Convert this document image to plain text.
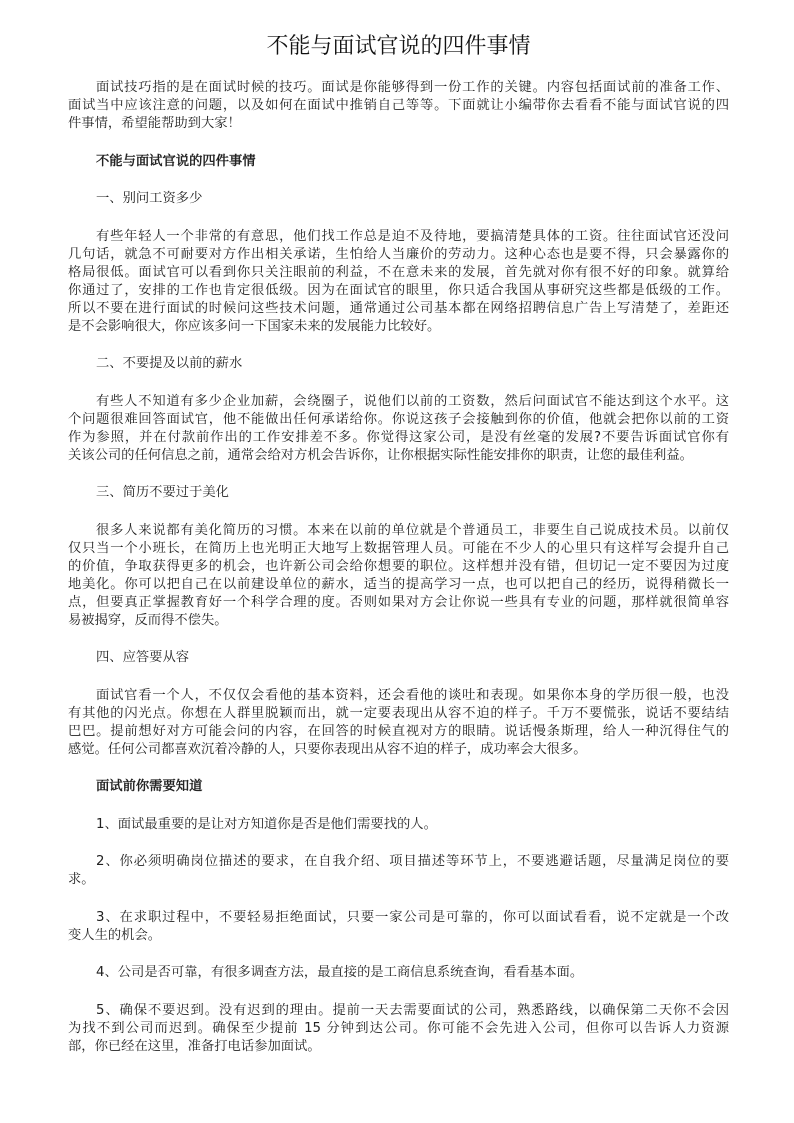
不能与面试官说的四件事情
面试技巧指的是在面试时候的技巧。面试是你能够得到一份工作的关键。内容包括面试前的准备工作、
面试当中应该注意的问题，以及如何在面试中推销自己等等。下面就让小编带你去看看不能与面试官说的四
件事情，希望能帮助到大家！
不能与面试官说的四件事情
一、别问工资多少
有些年轻人一个非常的有意思，他们找工作总是迫不及待地，要搞清楚具体的工资。往往面试官还没问
几句话，就急不可耐要对方作出相关承诺，生怕给人当廉价的劳动力。这种心态也是要不得，只会暴露你的
格局很低。面试官可以看到你只关注眼前的利益，不在意未来的发展，首先就对你有很不好的印象。就算给
你通过了，安排的工作也肯定很低级。因为在面试官的眼里，你只适合我国从事研究这些都是低级的工作。
所以不要在进行面试的时候问这些技术问题，通常通过公司基本都在网络招聘信息广告上写清楚了，差距还
是不会影响很大，你应该多问一下国家未来的发展能力比较好。
二、不要提及以前的薪水
有些人不知道有多少企业加薪，会绕圈子，说他们以前的工资数，然后问面试官不能达到这个水平。这
个问题很难回答面试官，他不能做出任何承诺给你。你说这孩子会接触到你的价值，他就会把你以前的工资
作为参照，并在付款前作出的工作安排差不多。你觉得这家公司，是没有丝毫的发展?不要告诉面试官你有
关该公司的任何信息之前，通常会给对方机会告诉你，让你根据实际性能安排你的职责，让您的最佳利益。
三、简历不要过于美化
很多人来说都有美化简历的习惯。本来在以前的单位就是个普通员工，非要生自己说成技术员。以前仅
仅只当一个小班长，在简历上也光明正大地写上数据管理人员。可能在不少人的心里只有这样写会提升自己
的价值，争取获得更多的机会，也许新公司会给你想要的职位。这样想并没有错，但切记一定不要因为过度
地美化。你可以把自己在以前建设单位的薪水，适当的提高学习一点，也可以把自己的经历，说得稍微长一
点，但要真正掌握教育好一个科学合理的度。否则如果对方会让你说一些具有专业的问题，那样就很简单容
易被揭穿，反而得不偿失。
四、应答要从容
面试官看一个人，不仅仅会看他的基本资料，还会看他的谈吐和表现。如果你本身的学历很一般，也没
有其他的闪光点。你想在人群里脱颖而出，就一定要表现出从容不迫的样子。千万不要慌张，说话不要结结
巴巴。提前想好对方可能会问的内容，在回答的时候直视对方的眼睛。说话慢条斯理，给人一种沉得住气的
感觉。任何公司都喜欢沉着冷静的人，只要你表现出从容不迫的样子，成功率会大很多。
面试前你需要知道
1、面试最重要的是让对方知道你是否是他们需要找的人。
2、你必须明确岗位描述的要求，在自我介绍、项目描述等环节上，不要逃避话题，尽量满足岗位的要
求。
3、在求职过程中，不要轻易拒绝面试，只要一家公司是可靠的，你可以面试看看，说不定就是一个改
变人生的机会。
4、公司是否可靠，有很多调查方法，最直接的是工商信息系统查询，看看基本面。
5、确保不要迟到。没有迟到的理由。提前一天去需要面试的公司，熟悉路线，以确保第二天你不会因
为找不到公司而迟到。确保至少提前 15 分钟到达公司。你可能不会先进入公司，但你可以告诉人力资源
部，你已经在这里，准备打电话参加面试。
